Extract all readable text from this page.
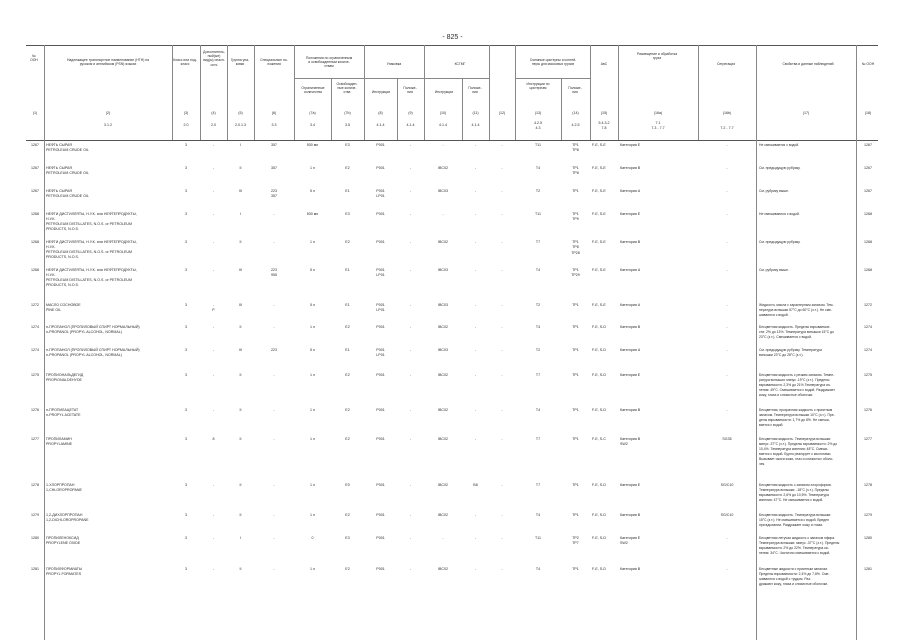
- 825 -
№
ООН	Надлежащее транспортное наименование (НТН) на
русском и английском (PSN) языках
Класс или под-
класс
Дополнитель-
ный(ые)
вид(ы) опасн-
ость
Группа упа-
ковки
Специальные по-
ложения
Положения по ограниченным
и освобожденным количе-
ствам
Ограниченные
количества
Освобожден-
ные количе-
ства
Упаковка
Инструкции
Положе-
ния
КСГМГ
Инструкции
Положе-
ния
Съемные цистерны и контей-
неры для массовых грузов
Инструкции по
цистернам	Положе-
ния
АвС
Размещение и обработка
груза
Сегрегация	Свойства и данные наблюдений	№ ООН
(1)	(2)	(3)	(4)	(5)	(6)	(7a)	(7b)	(8)	(9)	(10)	(11)	(12)	(13)	(14)	(15)	(16a)	(16b)	(17)	(18)
3.1.2	2.0	2.0	2.0.1.3	3.3	3.4	3.5	4.1.4	4.1.4	4.1.4	4.1.4	4.2.5
4.3
4.2.5	5.4.3.2
7.8
7.1
7.3 - 7.7	7.2 - 7.7
1267	НЕФТЬ СЫРАЯ
PETROLEUM CRUDE OIL
3	-	I	357	500 мл	E3	P001	-	-	-	-	T11	TP1
TP8
F-E, S-E	Категория E	-	Не смешивается с водой.	1267
1267	НЕФТЬ СЫРАЯ
PETROLEUM CRUDE OIL
3	-	II	357	1 л	E2	P001	-	IBC02	-	-	T4	TP1
TP8
F-E, S-E	Категория B	-	См. предыдущую рубрику.	1267
1267	НЕФТЬ СЫРАЯ
PETROLEUM CRUDE OIL
3	-	III	223
357
5 л	E1	P001
LP01
-	IBC03	-	-	T2	TP1	F-E, S-E	Категория A	-	См. рубрику выше.	1267
1268	НЕФТИ ДИСТИЛЛЯТЫ, Н.У.К. или НЕФТЕПРОДУКТЫ,
Н.У.К.
PETROLEUM DISTILLATES, N.O.S. or PETROLEUM
PRODUCTS, N.O.S.
3	-	I	-	500 мл	E3	P001	-	-	-	-	T11	TP1
TP9
F-E, S-E	Категория E	-	Не смешиваются с водой.	1268
1268	НЕФТИ ДИСТИЛЛЯТЫ, Н.У.К. или НЕФТЕПРОДУКТЫ,
Н.У.К.
PETROLEUM DISTILLATES, N.O.S. or PETROLEUM
PRODUCTS, N.O.S.
3	-	II	-	1 л	E2	P001	-	IBC02	-	-	T7	TP1
TP8
TP28
F-E, S-E	Категория B	-	См. предыдущую рубрику.	1268
1268	НЕФТИ ДИСТИЛЛЯТЫ, Н.У.К. или НЕФТЕПРОДУКТЫ,
Н.У.К.
PETROLEUM DISTILLATES, N.O.S. or PETROLEUM
PRODUCTS, N.O.S.
3	-	III	223
955
5 л	E1	P001
LP01
-	IBC03	-	-	T4	TP1
TP29
F-E, S-E	Категория A	-	См. рубрику выше.	1268
1272	МАСЛО СОСНОВОЕ
PINE OIL
3	-
P
III	-	5 л	E1	P001
LP01
-	IBC03	-	-	T2	TP1	F-E, S-E	Категория A	-	Жидкости, масла с характерным запахом. Тем-
пература вспышки 57°C до 60°C (з.т.). Не сме-
шиваются с водой.
1272
1274	н-ПРОПАНОЛ (ПРОПИЛОВЫЙ СПИРТ НОРМАЛЬНЫЙ)
n-PROPANOL (PROPYL ALCOHOL, NORMAL)
3	-	II	-	1 л	E2	P001	-	IBC02	-	-	T4	TP1	F-E, S-D	Категория B	-	Бесцветная жидкость. Пределы взрываемое-
сти: 2% до 13%. Температура вспышки 15°C до
23°C (з.т.). Смешивается с водой.
1274
1274	н-ПРОПАНОЛ (ПРОПИЛОВЫЙ СПИРТ НОРМАЛЬНЫЙ)
n-PROPANOL (PROPYL ALCOHOL, NORMAL)
3	-	III	223	5 л	E1	P001
LP01
-	IBC03	-	-	T2	TP1	F-E, S-D	Категория A	-	См. предыдущую рубрику. Температура
вспышки 23°C до 28°C (з.т.).
1274
1275	ПРОПИОНАЛЬДЕГИД
PROPIONALDEHYDE
3	-	II	-	1 л	E2	P001	-	IBC02	-	-	T7	TP1	F-E, S-D	Категория E	-	Бесцветная жидкость с резким запахом. Темпе-
ратура вспышки: минус -19°C (з.т.). Пределы
взрываемости: 2,3% до 21%.Температура ки-
пения: 49°C. Смешивается с водой. Раздражает
кожу, глаза и слизистые оболочки.
1275
1276	н-ПРОПИЛАЦЕТАТ
n-PROPYL ACETATE
3	-	II	-	1 л	E2	P001	-	IBC02	-	-	T4	TP1	F-E, S-D	Категория B	-	Бесцветная, прозрачная жидкость с приятным
запахом. Температура вспышки 10°C (з.т.). Пре-
делы взрываемости: 1,7% до 8%. Не смеши-
вается с водой.
1276
1277	ПРОПИЛАМИН
PROPYLAMINE
3	8	II	-	1 л	E2	P001	-	IBC02	-	-	T7	TP1	F-E, S-C	Категория B
SW2
SG35	Бесцветная жидкость. Температура вспышки:
минус -37°C (з.т.). Пределы взрываемости: 2% до
10,4%. Температура кипения: 48°C. Смеши-
вается с водой. Бурно реагирует с кислотами.
Вызывает ожоги кожи, глаз и слизистых оболо-
чек.
1277
1278	1-ХЛОРПРОПАН
1-CHLOROPROPANE
3	-	II	-	1 л	E0	P001	-	IBC02	B8	-	T7	TP1	F-E, S-D	Категория E	SG/C10	Бесцветная жидкость с запахом хлороформа.
Температура вспышки: -18°C (з.т.). Пределы
взрываемости: 2,6% до 10,5%. Температура
кипения: 47°C. Не смешивается с водой.
1278
1279	1,2-ДИХЛОРПРОПАН
1,2-DICHLOROPROPANE
3	-	II	-	1 л	E2	P001	-	IBC02	-	-	T4	TP1	F-E, S-D	Категория B	SG/C10	Бесцветная жидкость. Температура вспышки:
15°C (з.т.). Не смешивается с водой. Вреден
при вдыхании. Раздражает кожу и глаза.
1279
1280	ПРОПИЛЕНОКСИД
PROPYLENE OXIDE
3	-	I	-	0	E3	P001	-	-	-	-	T11	TP2
TP7
F-E, S-D	Категория E
SW2
-	Бесцветная летучая жидкость с запахом эфира.
Температура вспышки: минус -37°C (з.т.). Пределы
взрываемости: 2% до 22%. Температура ки-
пения: 34°C. Частично смешивается с водой.
1280
1281	ПРОПИЛФОРМИАТЫ
PROPYL FORMATES
3	-	II	-	1 л	E2	P001	-	IBC02	-	-	T4	TP1	F-E, S-D	Категория B	-	Бесцветные жидкости с приятным запахом.
Пределы взрываемости: 2,4% до 7,8%. Сме-
шиваются с водой с трудом. Раз-
дражают кожу, глаза и слизистые оболочки.
1281
